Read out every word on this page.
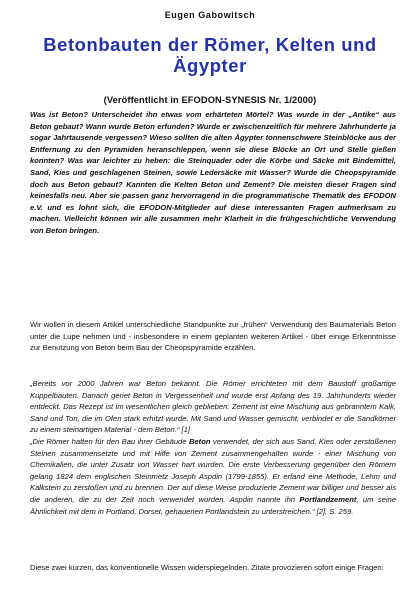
Eugen Gabowitsch
Betonbauten der Römer, Kelten und Ägypter
(Veröffentlicht in EFODON-SYNESIS Nr. 1/2000)

Was ist Beton? Unterscheidet ihn etwas vom erhärteten Mörtel? Was wurde in der „Antike“ aus Beton gebaut? Wann wurde Beton erfunden? Wurde er zwischenzeitlich für mehrere Jahrhunderte ja sogar Jahrtausende vergessen? Wieso sollten die alten Ägypter tonnenschwere Steinblöcke aus der Entfernung zu den Pyramiden heranschleppen, wenn sie diese Blöcke an Ort und Stelle gießen konnten? Was war leichter zu heben: die Steinquader oder die Körbe und Säcke mit Bindemittel, Sand, Kies und geschlagenen Steinen, sowie Ledersäcke mit Wasser? Wurde die Cheopspyramide doch aus Beton gebaut? Kannten die Kelten Beton und Zement? Die meisten dieser Fragen sind keinesfalls neu. Aber sie passen ganz hervorragend in die programmatische Thematik des EFODON e.V. und es lohnt sich, die EFODON-Mitglieder auf diese interessanten Fragen aufmerksam zu machen. Vielleicht können wir alle zusammen mehr Klarheit in die frühgeschichtliche Verwendung von Beton bringen.

Wir wollen in diesem Artikel unterschiedliche Standpunkte zur „frühen“ Verwendung des Baumaterials Beton unter die Lupe nehmen und - insbesondere in einem geplanten weiteren Artikel - über einige Erkenntnisse zur Benutzung von Beton beim Bau der Cheopspyramide erzählen.

„Bereits vor 2000 Jahren war Beton bekannt. Die Römer errichteten mit dem Baustoff großartige Kuppelbauten. Danach geriet Beton in Vergessenheit und wurde erst Anfang des 19. Jahrhunderts wieder entdeckt. Das Rezept ist im wesentlichen gleich geblieben: Zement ist eine Mischung aus gebranntem Kalk, Sand und Ton, die im Ofen stark erhitzt wurde. Mit Sand und Wasser gemischt, verbindet er die Sandkörner zu einem steinartigen Material - dem Beton.“ [1]
„Die Römer hatten für den Bau ihrer Gebäude Beton verwendet, der sich aus Sand, Kies oder zerstoßenen Steinen zusammensetzte und mit Hilfe von Zement zusammengehalten wurde - einer Mischung von Chemikalien, die unter Zusatz von Wasser hart wurden. Die erste Verbesserung gegenüber den Römern gelang 1824 dem englischen Steinmetz Joseph Aspdin (1799-1855). Er erfand eine Methode, Lehm und Kalkstein zu zerstoßen und zu brennen. Der auf diese Weise produzierte Zement war billiger und besser als die anderen, die zu der Zeit noch verwendet wurden. Aspdin nannte ihn Portlandzement, um seine Ähnlichkeit mit dem in Portland, Dorset, gehauenen Portlandstein zu unterstreichen.“ [2], S. 259.

Diese zwei kurzen, das konventionelle Wissen widerspiegelnden, Zitate provozieren sofort einige Fragen:
